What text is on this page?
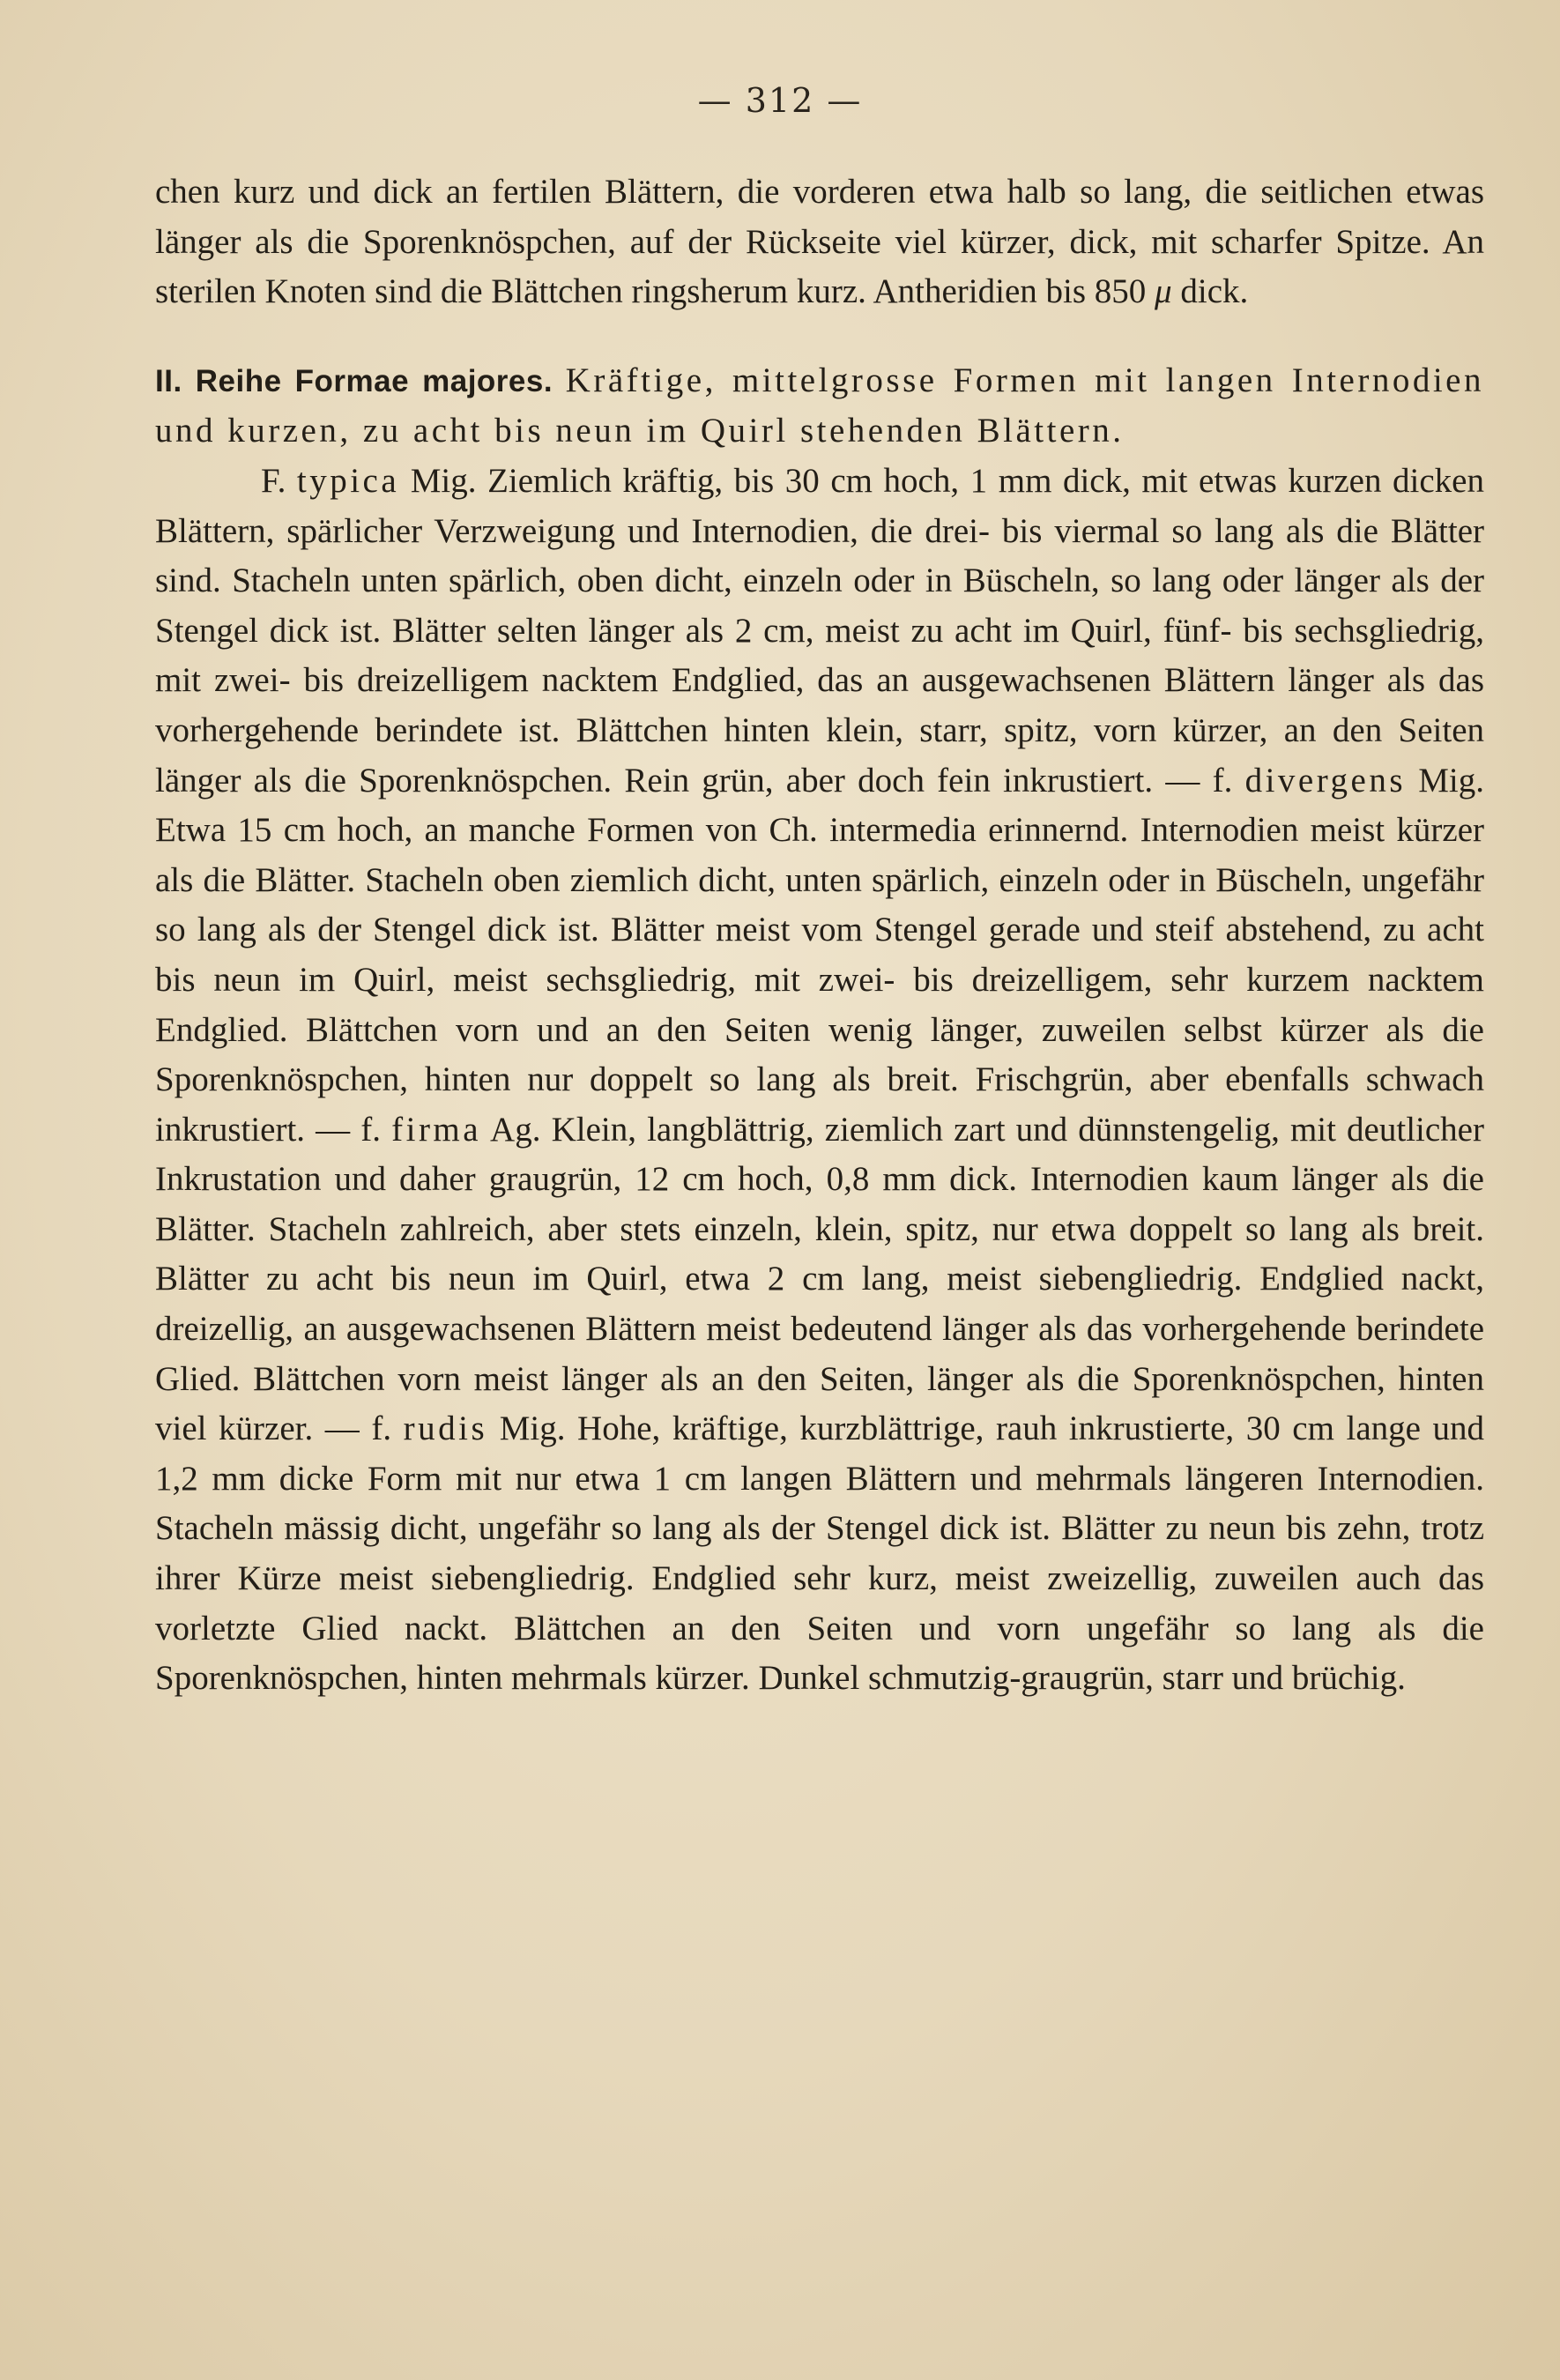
— 312 —

chen kurz und dick an fertilen Blättern, die vorderen etwa halb so lang, die seitlichen etwas länger als die Sporenknöspchen, auf der Rückseite viel kürzer, dick, mit scharfer Spitze. An sterilen Knoten sind die Blättchen ringsherum kurz. Antheridien bis 850 μ dick.

II. Reihe Formae majores. Kräftige, mittelgrosse Formen mit langen Internodien und kurzen, zu acht bis neun im Quirl stehenden Blättern.

F. typica Mig. Ziemlich kräftig, bis 30 cm hoch, 1 mm dick, mit etwas kurzen dicken Blättern, spärlicher Verzweigung und Internodien, die drei- bis viermal so lang als die Blätter sind. Stacheln unten spärlich, oben dicht, einzeln oder in Büscheln, so lang oder länger als der Stengel dick ist. Blätter selten länger als 2 cm, meist zu acht im Quirl, fünf- bis sechsgliedrig, mit zwei- bis dreizelligem nacktem Endglied, das an ausgewachsenen Blättern länger als das vorhergehende berindete ist. Blättchen hinten klein, starr, spitz, vorn kürzer, an den Seiten länger als die Sporenknöspchen. Rein grün, aber doch fein inkrustiert. — f. divergens Mig. Etwa 15 cm hoch, an manche Formen von Ch. intermedia erinnernd. Internodien meist kürzer als die Blätter. Stacheln oben ziemlich dicht, unten spärlich, einzeln oder in Büscheln, ungefähr so lang als der Stengel dick ist. Blätter meist vom Stengel gerade und steif abstehend, zu acht bis neun im Quirl, meist sechsgliedrig, mit zwei- bis dreizelligem, sehr kurzem nacktem Endglied. Blättchen vorn und an den Seiten wenig länger, zuweilen selbst kürzer als die Sporenknöspchen, hinten nur doppelt so lang als breit. Frischgrün, aber ebenfalls schwach inkrustiert. — f. firma Ag. Klein, langblättrig, ziemlich zart und dünnstengelig, mit deutlicher Inkrustation und daher graugrün, 12 cm hoch, 0,8 mm dick. Internodien kaum länger als die Blätter. Stacheln zahlreich, aber stets einzeln, klein, spitz, nur etwa doppelt so lang als breit. Blätter zu acht bis neun im Quirl, etwa 2 cm lang, meist siebengliedrig. Endglied nackt, dreizellig, an ausgewachsenen Blättern meist bedeutend länger als das vorhergehende berindete Glied. Blättchen vorn meist länger als an den Seiten, länger als die Sporenknöspchen, hinten viel kürzer. — f. rudis Mig. Hohe, kräftige, kurzblättrige, rauh inkrustierte, 30 cm lange und 1,2 mm dicke Form mit nur etwa 1 cm langen Blättern und mehrmals längeren Internodien. Stacheln mässig dicht, ungefähr so lang als der Stengel dick ist. Blätter zu neun bis zehn, trotz ihrer Kürze meist siebengliedrig. Endglied sehr kurz, meist zweizellig, zuweilen auch das vorletzte Glied nackt. Blättchen an den Seiten und vorn ungefähr so lang als die Sporenknöspchen, hinten mehrmals kürzer. Dunkel schmutzig-graugrün, starr und brüchig.
